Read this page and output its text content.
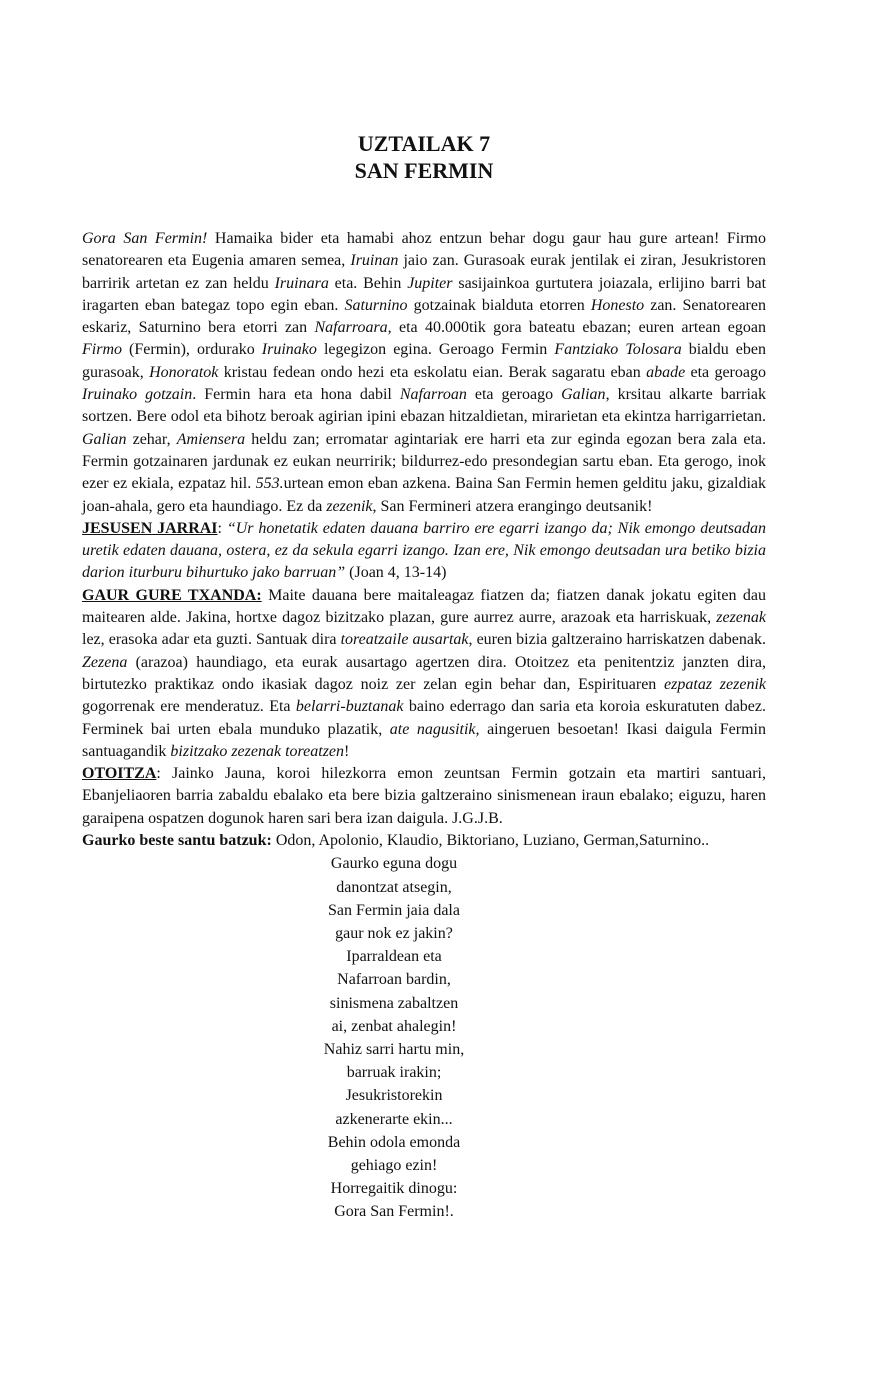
UZTAILAK 7
SAN FERMIN

Gora San Fermin! Hamaika bider eta hamabi ahoz entzun behar dogu gaur hau gure artean! Firmo senatorearen eta Eugenia amaren semea, Iruinan jaio zan. Gurasoak eurak jentilak ei ziran, Jesukristoren barririk artetan ez zan heldu Iruinara eta. Behin Jupiter sasijainkoa gurtutera joiazala, erlijino barri bat iragarten eban bategaz topo egin eban. Saturnino gotzainak bialduta etorren Honesto zan. Senatorearen eskariz, Saturnino bera etorri zan Nafarroara, eta 40.000tik gora bateatu ebazan; euren artean egoan Firmo (Fermin), ordurako Iruinako legegizon egina. Geroago Fermin Fantziako Tolosara bialdu eben gurasoak, Honoratok kristau fedean ondo hezi eta eskolatu eian. Berak sagaratu eban abade eta geroago Iruinako gotzain. Fermin hara eta hona dabil Nafarroan eta geroago Galian, krsitau alkarte barriak sortzen. Bere odol eta bihotz beroak agirian ipini ebazan hitzaldietan, mirarietan eta ekintza harrigarrietan. Galian zehar, Amiensera heldu zan; erromatar agintariak ere harri eta zur eginda egozan bera zala eta. Fermin gotzainaren jardunak ez eukan neurririk; bildurrez-edo presondegian sartu eban. Eta gerogo, inok ezer ez ekiala, ezpataz hil. 553.urtean emon eban azkena. Baina San Fermin hemen gelditu jaku, gizaldiak joan-ahala, gero eta haundiago. Ez da zezenik, San Fermineri atzera erangingo deutsanik!

JESUSEN JARRAI: “Ur honetatik edaten dauana barriro ere egarri izango da; Nik emongo deutsadan uretik edaten dauana, ostera, ez da sekula egarri izango. Izan ere, Nik emongo deutsadan ura betiko bizia darion iturburu bihurtuko jako barruan” (Joan 4, 13-14)

GAUR GURE TXANDA: Maite dauana bere maitaleagaz fiatzen da; fiatzen danak jokatu egiten dau maitearen alde. Jakina, hortxe dagoz bizitzako plazan, gure aurrez aurre, arazoak eta harriskuak, zezenak lez, erasoka adar eta guzti. Santuak dira toreatzaile ausartak, euren bizia galtzeraino harriskatzen dabenak. Zezena (arazoa) haundiago, eta eurak ausartago agertzen dira. Otoitzez eta penitentziz janzten dira, birtutezko praktikaz ondo ikasiak dagoz noiz zer zelan egin behar dan, Espirituaren ezpataz zezenik gogorrenak ere menderatuz. Eta belarri-buztanak baino ederrago dan saria eta koroia eskuratuten dabez. Ferminek bai urten ebala munduko plazatik, ate nagusitik, aingeruen besoetan! Ikasi daigula Fermin santuagandik bizitzako zezenak toreatzen!

OTOITZA: Jainko Jauna, koroi hilezkorra emon zeuntsan Fermin gotzain eta martiri santuari, Ebanjeliaoren barria zabaldu ebalako eta bere bizia galtzeraino sinismenean iraun ebalako; eiguzu, haren garaipena ospatzen dogunok haren sari bera izan daigula. J.G.J.B.

Gaurko beste santu batzuk: Odon, Apolonio, Klaudio, Biktoriano, Luziano, German,Saturnino..

Gaurko eguna dogu
danontzat atsegin,
San Fermin jaia dala
gaur nok ez jakin?
Iparraldean eta
Nafarroan bardin,
sinismena zabaltzen
ai, zenbat ahalegin!
Nahiz sarri hartu min,
barruak irakin;
Jesukristorekin
azkenerarte ekin...
Behin odola emonda
gehiago ezin!
Horregaitik dinogu:
Gora San Fermin!.
